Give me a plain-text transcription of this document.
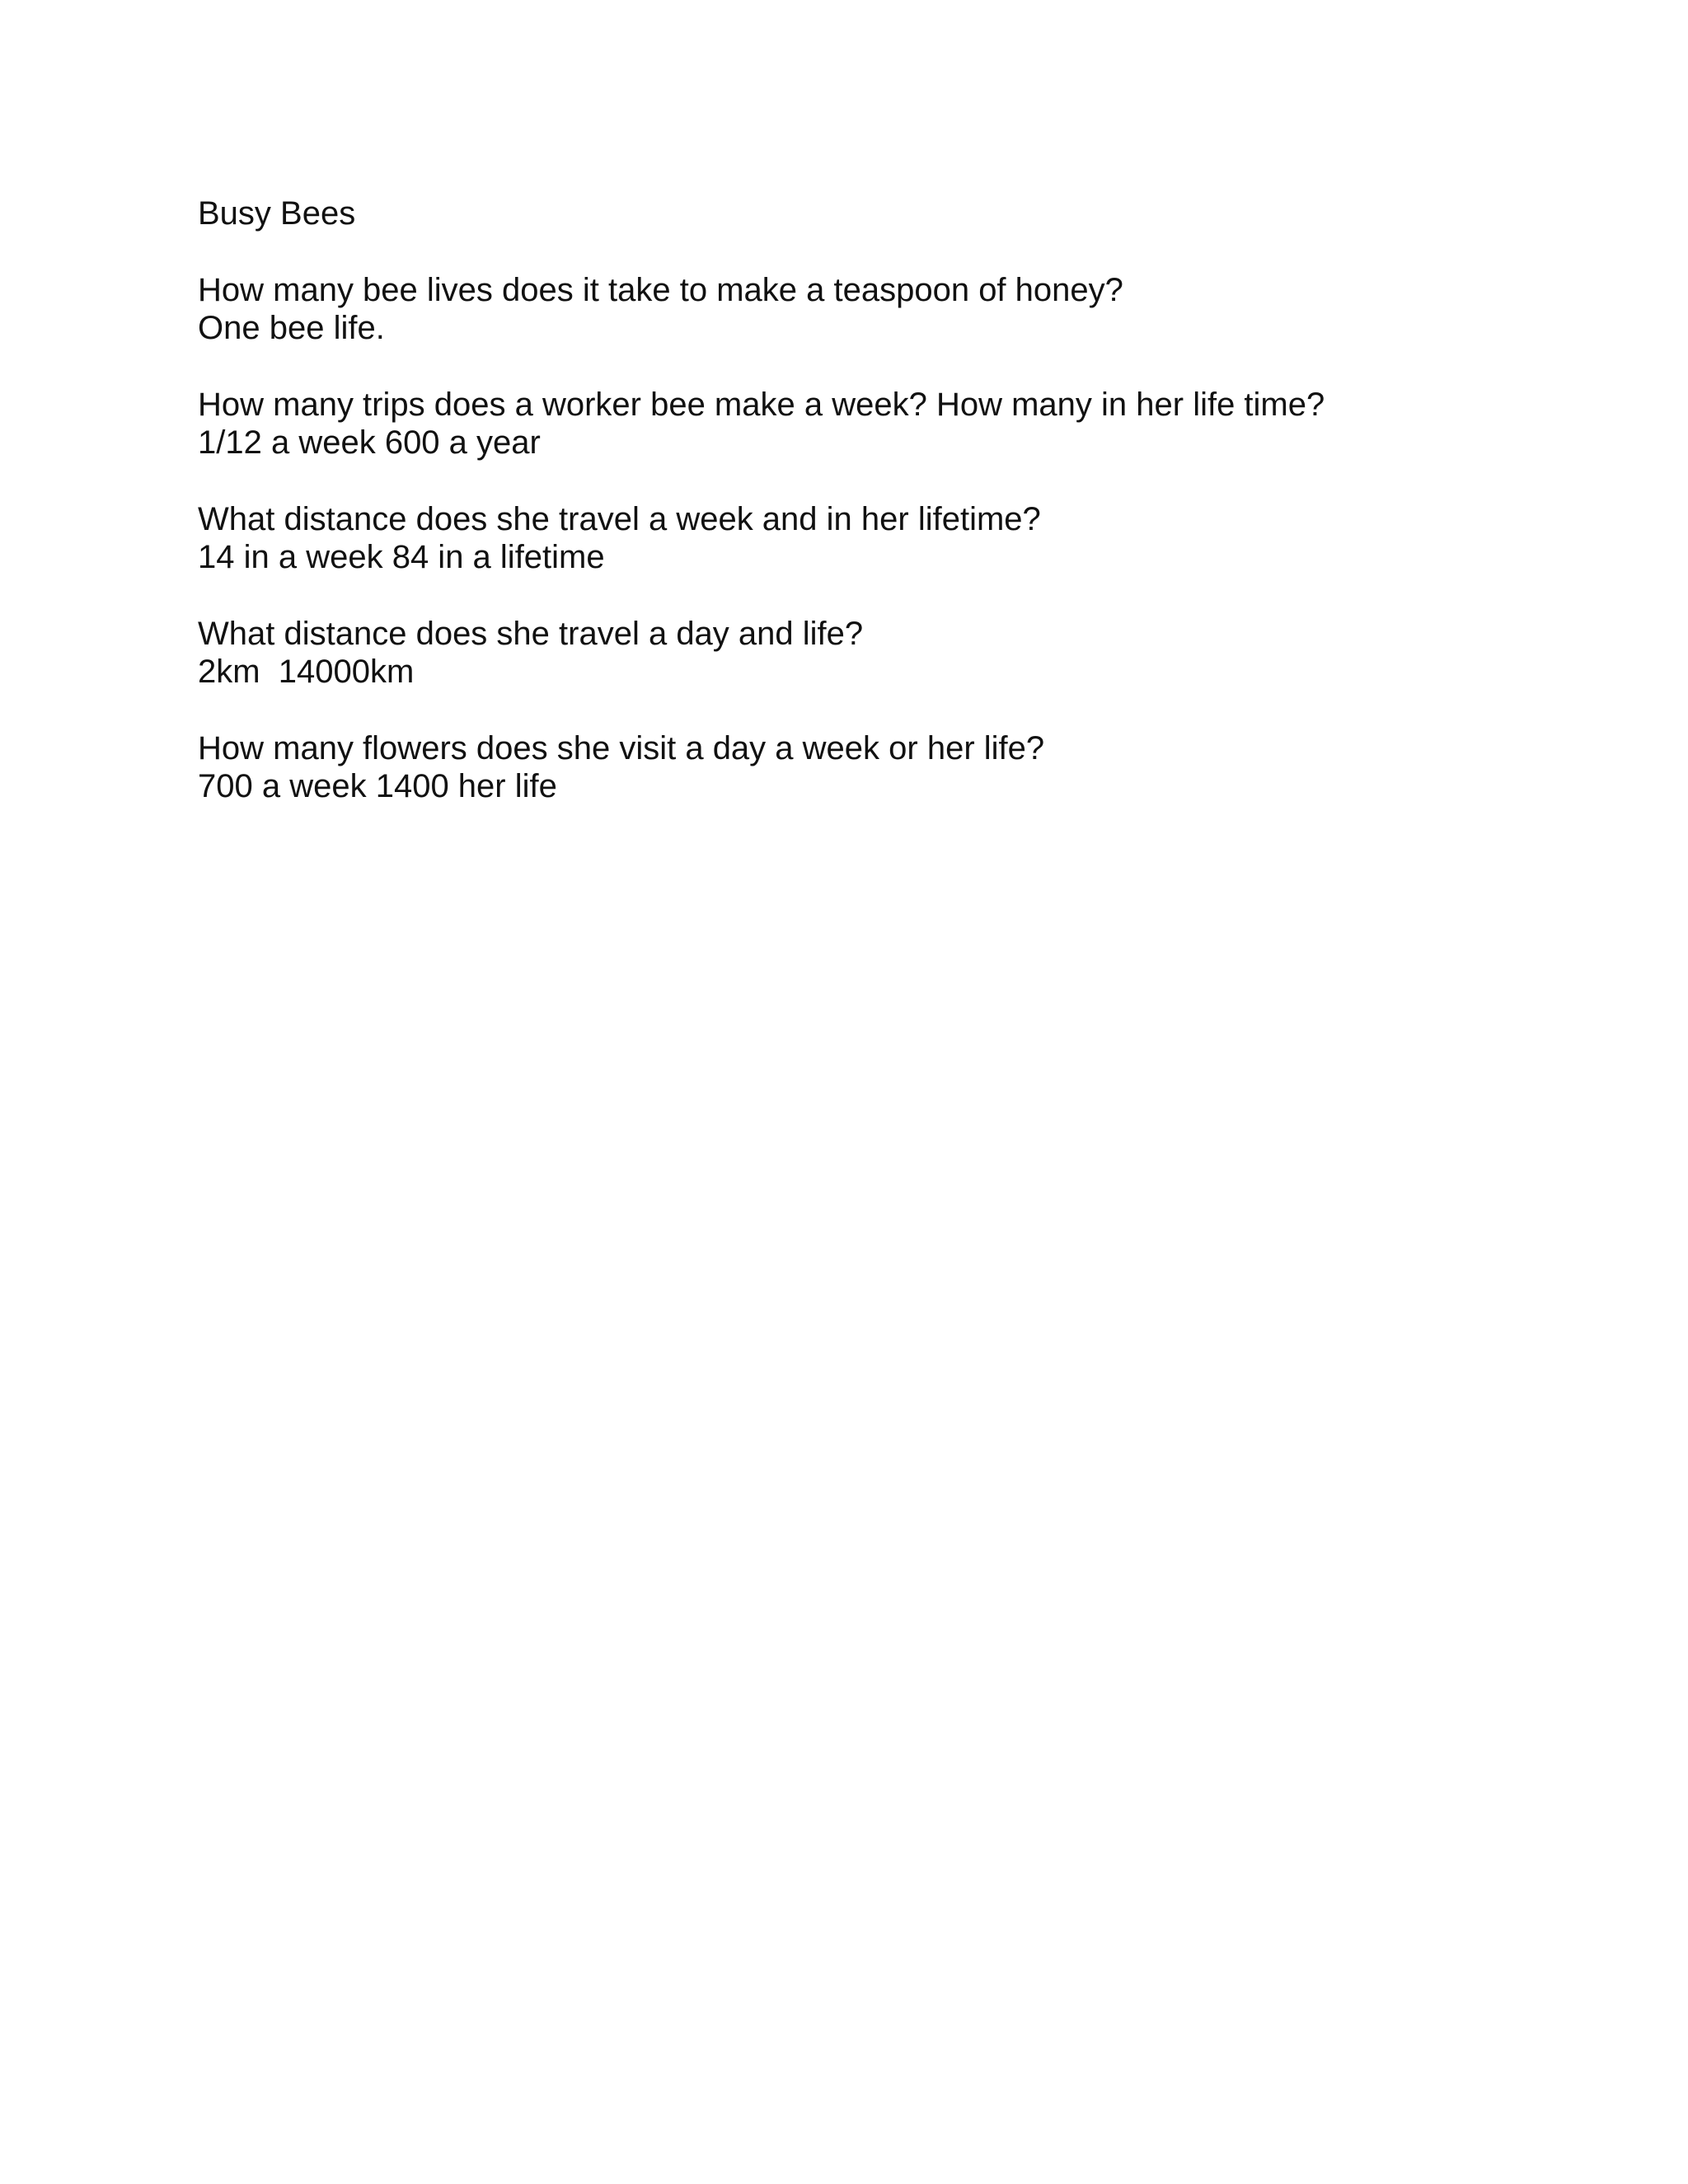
Busy Bees
How many bee lives does it take to make a teaspoon of honey?
One bee life.
How many trips does a worker bee make a week? How many in her life time?
1/12 a week 600 a year
What distance does she travel a week and in her lifetime?
14 in a week 84 in a lifetime
What distance does she travel a day and life?
2km  14000km
How many flowers does she visit a day a week or her life?
700 a week 1400 her life
